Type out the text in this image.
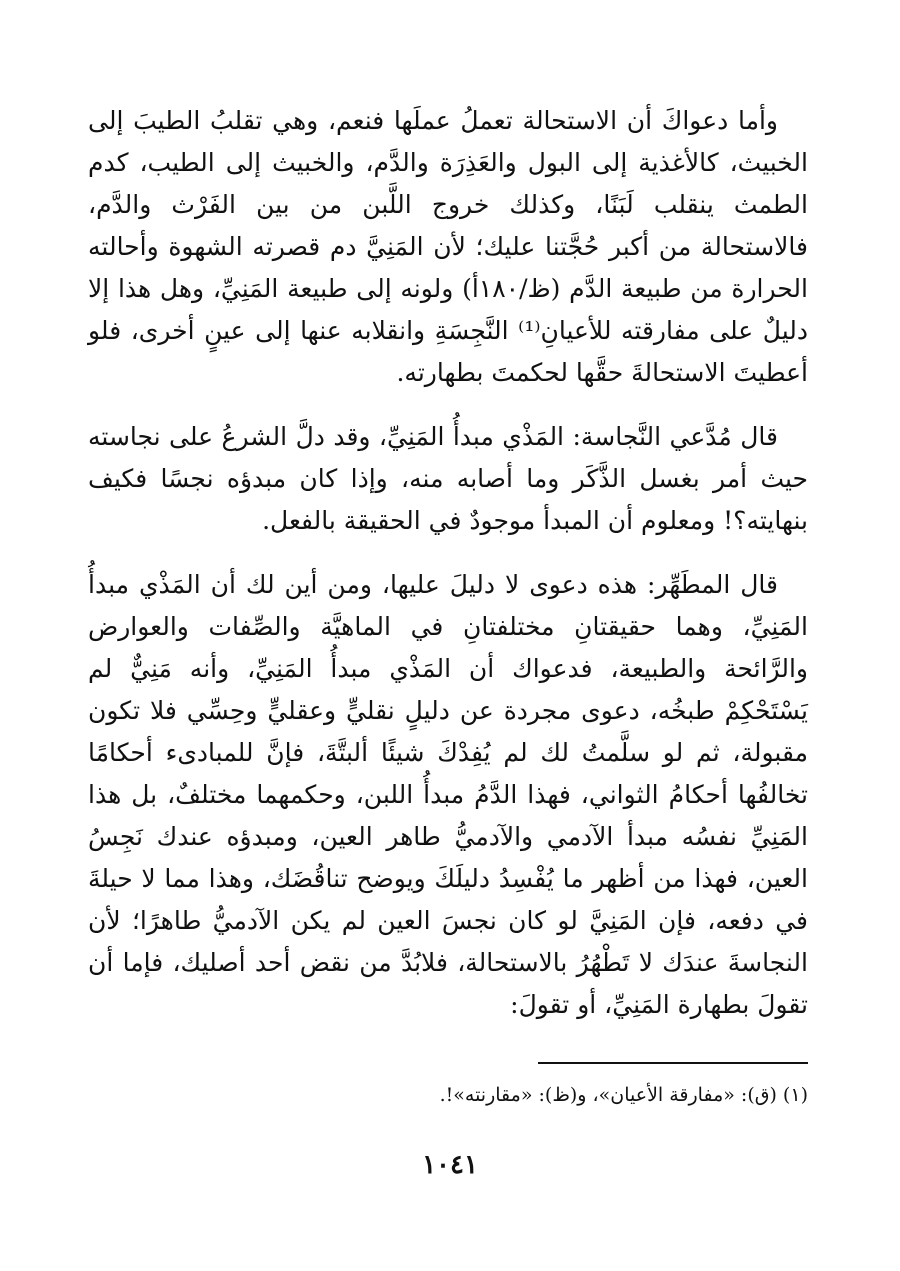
وأما دعواكَ أن الاستحالة تعملُ عملَها فنعم، وهي تقلبُ الطيبَ إلى الخبيث، كالأغذية إلى البول والعَذِرَة والدَّم، والخبيث إلى الطيب، كدم الطمث ينقلب لَبَنًا، وكذلك خروج اللَّبن من بين الفَرْث والدَّم، فالاستحالة من أكبر حُجَّتنا عليك؛ لأن المَنِيَّ دم قصرته الشهوة وأحالته الحرارة من طبيعة الدَّم (ظ/١٨٠أ) ولونه إلى طبيعة المَنِيِّ، وهل هذا إلا دليلٌ على مفارقته للأعيانِ⁽¹⁾ النَّجِسَةِ وانقلابه عنها إلى عينٍ أخرى، فلو أعطيتَ الاستحالةَ حقَّها لحكمتَ بطهارته.

قال مُدَّعي النَّجاسة: المَذْي مبدأُ المَنِيِّ، وقد دلَّ الشرعُ على نجاسته حيث أمر بغسل الذَّكَر وما أصابه منه، وإذا كان مبدؤه نجسًا فكيف بنهايته؟! ومعلوم أن المبدأ موجودٌ في الحقيقة بالفعل.

قال المطَهِّر: هذه دعوى لا دليلَ عليها، ومن أين لك أن المَذْي مبدأُ المَنِيِّ، وهما حقيقتانِ مختلفتانِ في الماهيَّة والصِّفات والعوارض والرَّائحة والطبيعة، فدعواك أن المَذْي مبدأُ المَنِيِّ، وأنه مَنِيٌّ لم يَسْتَحْكِمْ طبخُه، دعوى مجردة عن دليلٍ نقليٍّ وعقليٍّ وحِسِّي فلا تكون مقبولة، ثم لو سلَّمتُ لك لم يُفِدْكَ شيئًا ألبتَّةَ، فإنَّ للمبادىء أحكامًا تخالفُها أحكامُ الثواني، فهذا الدَّمُ مبدأُ اللبن، وحكمهما مختلفٌ، بل هذا المَنِيِّ نفسُه مبدأ الآدمي والآدميُّ طاهر العين، ومبدؤه عندك نَجِسُ العين، فهذا من أظهر ما يُفْسِدُ دليلَكَ ويوضح تناقُضَك، وهذا مما لا حيلةَ في دفعه، فإن المَنِيَّ لو كان نجسَ العين لم يكن الآدميُّ طاهرًا؛ لأن النجاسةَ عندَك لا تَطْهُرُ بالاستحالة، فلابُدَّ من نقض أحد أصليك، فإما أن تقولَ بطهارة المَنِيِّ، أو تقولَ:

(١) (ق): «مفارقة الأعيان»، و(ظ): «مقارنته»!.
١٠٤١
